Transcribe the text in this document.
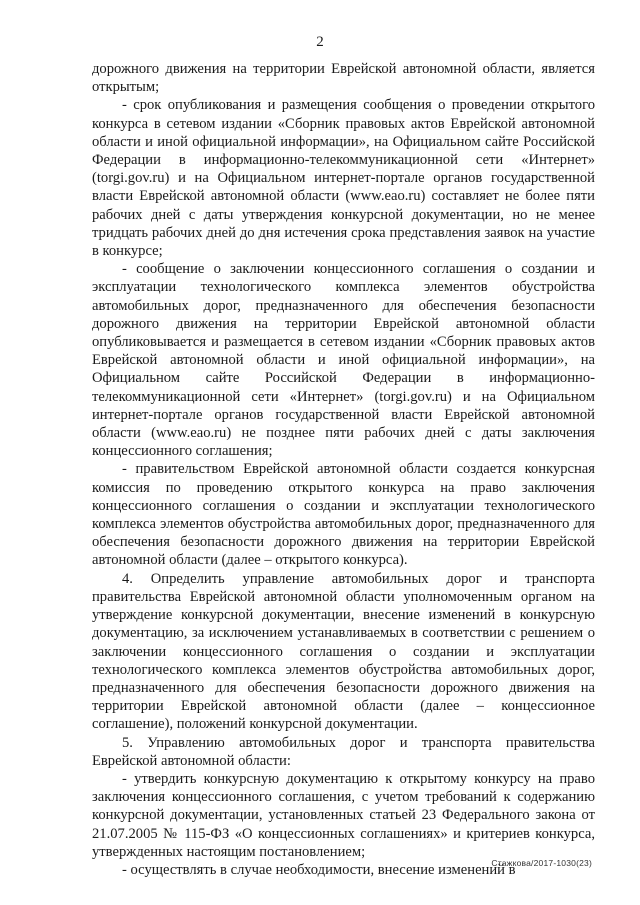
2

дорожного движения на территории Еврейской автономной области, является открытым;

- срок опубликования и размещения сообщения о проведении открытого конкурса в сетевом издании «Сборник правовых актов Еврейской автономной области и иной официальной информации», на Официальном сайте Российской Федерации в информационно-телекоммуникационной сети «Интернет» (torgi.gov.ru) и на Официальном интернет-портале органов государственной власти Еврейской автономной области (www.eao.ru) составляет не более пяти рабочих дней с даты утверждения конкурсной документации, но не менее тридцать рабочих дней до дня истечения срока представления заявок на участие в конкурсе;

- сообщение о заключении концессионного соглашения о создании и эксплуатации технологического комплекса элементов обустройства автомобильных дорог, предназначенного для обеспечения безопасности дорожного движения на территории Еврейской автономной области опубликовывается и размещается в сетевом издании «Сборник правовых актов Еврейской автономной области и иной официальной информации», на Официальном сайте Российской Федерации в информационно-телекоммуникационной сети «Интернет» (torgi.gov.ru) и на Официальном интернет-портале органов государственной власти Еврейской автономной области (www.eao.ru) не позднее пяти рабочих дней с даты заключения концессионного соглашения;

- правительством Еврейской автономной области создается конкурсная комиссия по проведению открытого конкурса на право заключения концессионного соглашения о создании и эксплуатации технологического комплекса элементов обустройства автомобильных дорог, предназначенного для обеспечения безопасности дорожного движения на территории Еврейской автономной области (далее – открытого конкурса).

4. Определить управление автомобильных дорог и транспорта правительства Еврейской автономной области уполномоченным органом на утверждение конкурсной документации, внесение изменений в конкурсную документацию, за исключением устанавливаемых в соответствии с решением о заключении концессионного соглашения о создании и эксплуатации технологического комплекса элементов обустройства автомобильных дорог, предназначенного для обеспечения безопасности дорожного движения на территории Еврейской автономной области (далее – концессионное соглашение), положений конкурсной документации.

5. Управлению автомобильных дорог и транспорта правительства Еврейской автономной области:

- утвердить конкурсную документацию к открытому конкурсу на право заключения концессионного соглашения, с учетом требований к содержанию конкурсной документации, установленных статьей 23 Федерального закона от 21.07.2005 № 115-ФЗ «О концессионных соглашениях» и критериев конкурса, утвержденных настоящим постановлением;

- осуществлять в случае необходимости, внесение изменений в

Стажкова/2017-1030(23)
